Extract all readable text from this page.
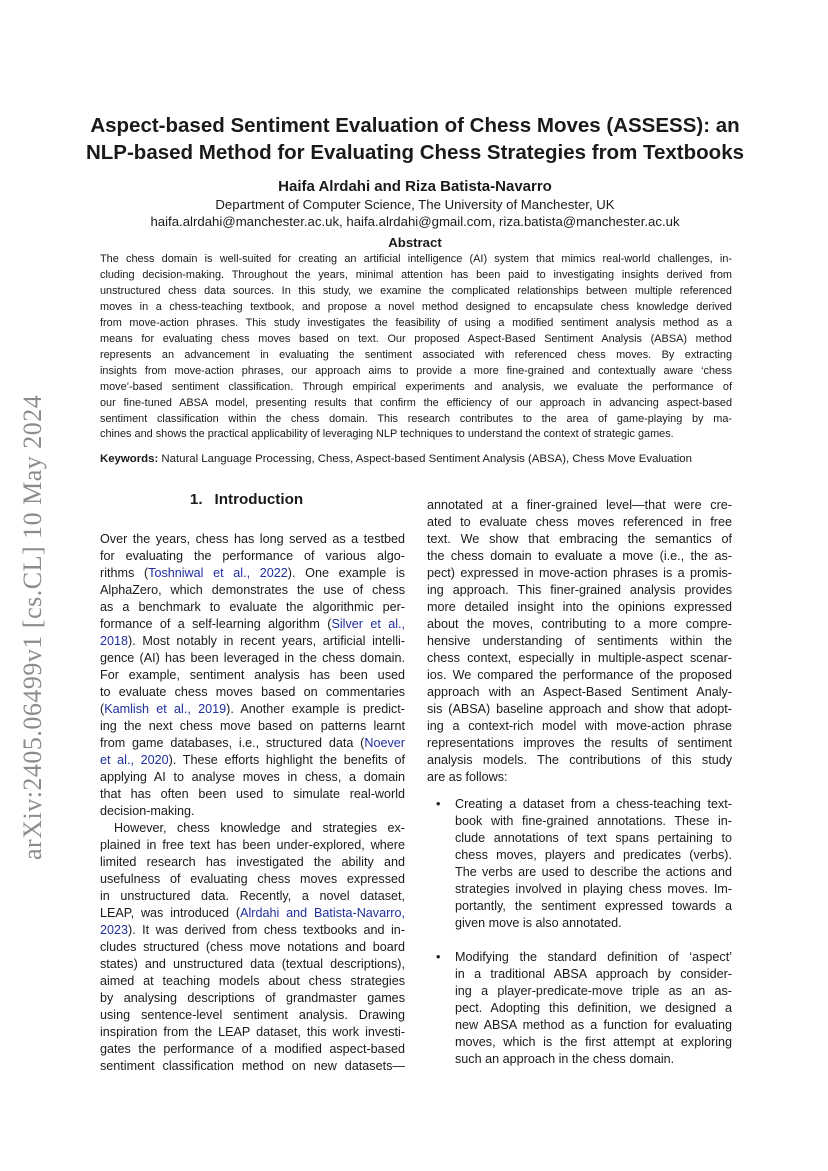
arXiv:2405.06499v1 [cs.CL] 10 May 2024
Aspect-based Sentiment Evaluation of Chess Moves (ASSESS): an
NLP-based Method for Evaluating Chess Strategies from Textbooks
Haifa Alrdahi and Riza Batista-Navarro
Department of Computer Science, The University of Manchester, UK
haifa.alrdahi@manchester.ac.uk, haifa.alrdahi@gmail.com, riza.batista@manchester.ac.uk
Abstract
The chess domain is well-suited for creating an artificial intelligence (AI) system that mimics real-world challenges, in-
cluding decision-making. Throughout the years, minimal attention has been paid to investigating insights derived from
unstructured chess data sources. In this study, we examine the complicated relationships between multiple referenced
moves in a chess-teaching textbook, and propose a novel method designed to encapsulate chess knowledge derived
from move-action phrases. This study investigates the feasibility of using a modified sentiment analysis method as a
means for evaluating chess moves based on text. Our proposed Aspect-Based Sentiment Analysis (ABSA) method
represents an advancement in evaluating the sentiment associated with referenced chess moves. By extracting
insights from move-action phrases, our approach aims to provide a more fine-grained and contextually aware ‘chess
move’-based sentiment classification. Through empirical experiments and analysis, we evaluate the performance of
our fine-tuned ABSA model, presenting results that confirm the efficiency of our approach in advancing aspect-based
sentiment classification within the chess domain. This research contributes to the area of game-playing by ma-
chines and shows the practical applicability of leveraging NLP techniques to understand the context of strategic games.
Keywords: Natural Language Processing, Chess, Aspect-based Sentiment Analysis (ABSA), Chess Move Evaluation
1. Introduction
Over the years, chess has long served as a testbed
for evaluating the performance of various algo-
rithms (Toshniwal et al., 2022). One example is
AlphaZero, which demonstrates the use of chess
as a benchmark to evaluate the algorithmic per-
formance of a self-learning algorithm (Silver et al.,
2018). Most notably in recent years, artificial intelli-
gence (AI) has been leveraged in the chess domain.
For example, sentiment analysis has been used
to evaluate chess moves based on commentaries
(Kamlish et al., 2019). Another example is predict-
ing the next chess move based on patterns learnt
from game databases, i.e., structured data (Noever
et al., 2020). These efforts highlight the benefits of
applying AI to analyse moves in chess, a domain
that has often been used to simulate real-world
decision-making.
However, chess knowledge and strategies ex-
plained in free text has been under-explored, where
limited research has investigated the ability and
usefulness of evaluating chess moves expressed
in unstructured data. Recently, a novel dataset,
LEAP, was introduced (Alrdahi and Batista-Navarro,
2023). It was derived from chess textbooks and in-
cludes structured (chess move notations and board
states) and unstructured data (textual descriptions),
aimed at teaching models about chess strategies
by analysing descriptions of grandmaster games
using sentence-level sentiment analysis. Drawing
inspiration from the LEAP dataset, this work investi-
gates the performance of a modified aspect-based
sentiment classification method on new datasets—
annotated at a finer-grained level—that were cre-
ated to evaluate chess moves referenced in free
text. We show that embracing the semantics of
the chess domain to evaluate a move (i.e., the as-
pect) expressed in move-action phrases is a promis-
ing approach. This finer-grained analysis provides
more detailed insight into the opinions expressed
about the moves, contributing to a more compre-
hensive understanding of sentiments within the
chess context, especially in multiple-aspect scenar-
ios. We compared the performance of the proposed
approach with an Aspect-Based Sentiment Analy-
sis (ABSA) baseline approach and show that adopt-
ing a context-rich model with move-action phrase
representations improves the results of sentiment
analysis models. The contributions of this study
are as follows:
•	Creating a dataset from a chess-teaching text-
book with fine-grained annotations. These in-
clude annotations of text spans pertaining to
chess moves, players and predicates (verbs).
The verbs are used to describe the actions and
strategies involved in playing chess moves. Im-
portantly, the sentiment expressed towards a
given move is also annotated.
•	Modifying the standard definition of ‘aspect’
in a traditional ABSA approach by consider-
ing a player-predicate-move triple as an as-
pect. Adopting this definition, we designed a
new ABSA method as a function for evaluating
moves, which is the first attempt at exploring
such an approach in the chess domain.
